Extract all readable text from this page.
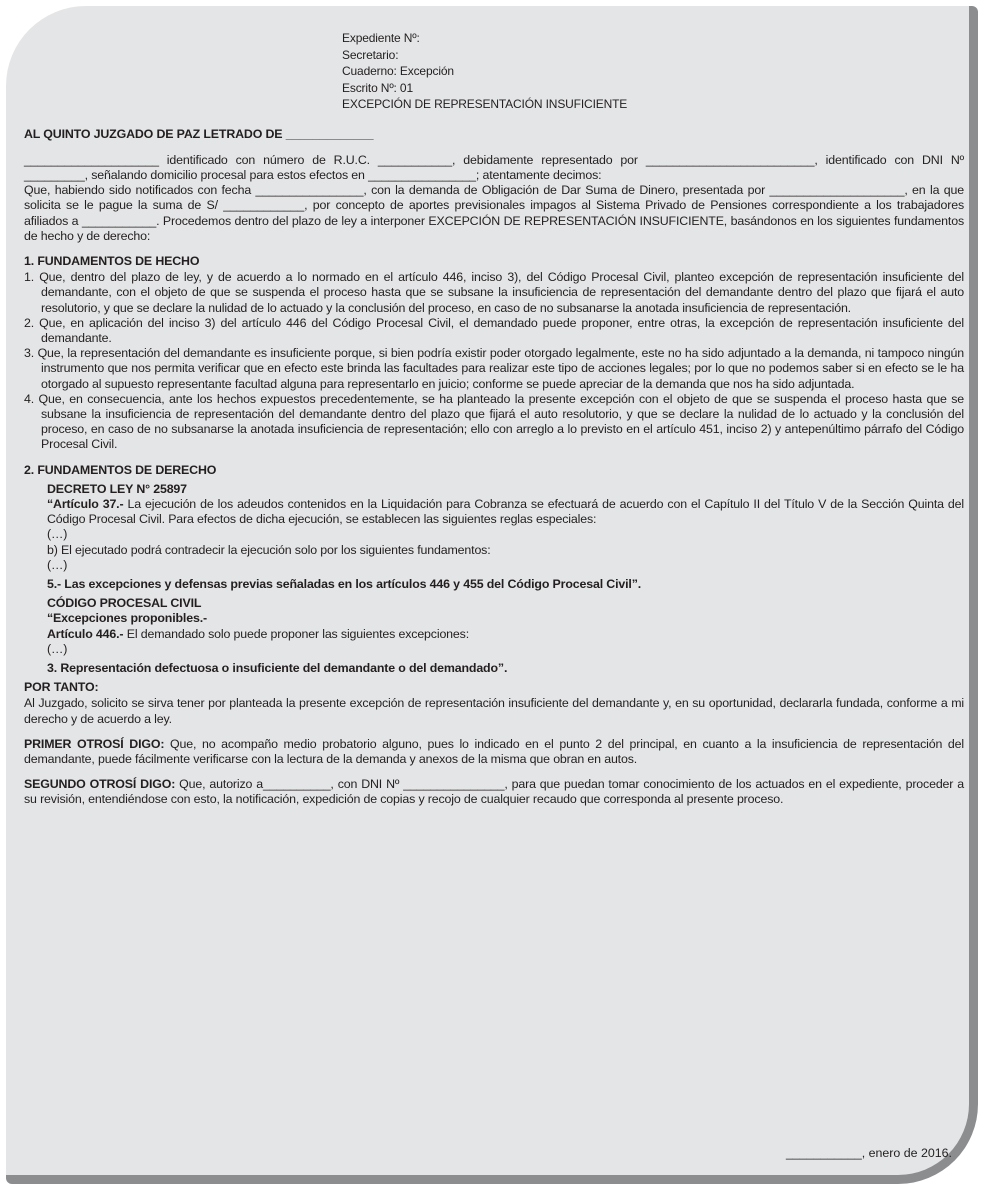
Expediente Nº:
Secretario:
Cuaderno: Excepción
Escrito Nº: 01
EXCEPCIÓN DE REPRESENTACIÓN INSUFICIENTE
AL QUINTO JUZGADO DE PAZ LETRADO DE _____________

____________________ identificado con número de R.U.C. ___________, debidamente representado por _________________________, identificado con DNI Nº _________, señalando domicilio procesal para estos efectos en ________________; atentamente decimos:

Que, habiendo sido notificados con fecha ________________, con la demanda de Obligación de Dar Suma de Dinero, presentada por ____________________, en la que solicita se le pague la suma de S/ ____________, por concepto de aportes previsionales impagos al Sistema Privado de Pensiones correspondiente a los trabajadores afiliados a ___________. Procedemos dentro del plazo de ley a interponer EXCEPCIÓN DE REPRESENTACIÓN INSUFICIENTE, basándonos en los siguientes fundamentos de hecho y de derecho:

1. FUNDAMENTOS DE HECHO
1. Que, dentro del plazo de ley, y de acuerdo a lo normado en el artículo 446, inciso 3), del Código Procesal Civil, planteo excepción de representación insuficiente del demandante, con el objeto de que se suspenda el proceso hasta que se subsane la insuficiencia de representación del demandante dentro del plazo que fijará el auto resolutorio, y que se declare la nulidad de lo actuado y la conclusión del proceso, en caso de no subsanarse la anotada insuficiencia de representación.
2. Que, en aplicación del inciso 3) del artículo 446 del Código Procesal Civil, el demandado puede proponer, entre otras, la excepción de representación insuficiente del demandante.
3. Que, la representación del demandante es insuficiente porque, si bien podría existir poder otorgado legalmente, este no ha sido adjuntado a la demanda, ni tampoco ningún instrumento que nos permita verificar que en efecto este brinda las facultades para realizar este tipo de acciones legales; por lo que no podemos saber si en efecto se le ha otorgado al supuesto representante facultad alguna para representarlo en juicio; conforme se puede apreciar de la demanda que nos ha sido adjuntada.
4. Que, en consecuencia, ante los hechos expuestos precedentemente, se ha planteado la presente excepción con el objeto de que se suspenda el proceso hasta que se subsane la insuficiencia de representación del demandante dentro del plazo que fijará el auto resolutorio, y que se declare la nulidad de lo actuado y la conclusión del proceso, en caso de no subsanarse la anotada insuficiencia de representación; ello con arreglo a lo previsto en el artículo 451, inciso 2) y antepenúltimo párrafo del Código Procesal Civil.
2. FUNDAMENTOS DE DERECHO
DECRETO LEY N° 25897

“Artículo 37.- La ejecución de los adeudos contenidos en la Liquidación para Cobranza se efectuará de acuerdo con el Capítulo II del Título V de la Sección Quinta del Código Procesal Civil. Para efectos de dicha ejecución, se establecen las siguientes reglas especiales:

(…)
b) El ejecutado podrá contradecir la ejecución solo por los siguientes fundamentos:
(…)
5.- Las excepciones y defensas previas señaladas en los artículos 446 y 455 del Código Procesal Civil”.
CÓDIGO PROCESAL CIVIL
“Excepciones proponibles.-

Artículo 446.- El demandado solo puede proponer las siguientes excepciones:

(…)
3. Representación defectuosa o insuficiente del demandante o del demandado”.
POR TANTO:

Al Juzgado, solicito se sirva tener por planteada la presente excepción de representación insuficiente del demandante y, en su oportunidad, declararla fundada, conforme a mi derecho y de acuerdo a ley.

PRIMER OTROSÍ DIGO: Que, no acompaño medio probatorio alguno, pues lo indicado en el punto 2 del principal, en cuanto a la insuficiencia de representación del demandante, puede fácilmente verificarse con la lectura de la demanda y anexos de la misma que obran en autos.

SEGUNDO OTROSÍ DIGO: Que, autorizo a__________, con DNI Nº _______________, para que puedan tomar conocimiento de los actuados en el expediente, proceder a su revisión, entendiéndose con esto, la notificación, expedición de copias y recojo de cualquier recaudo que corresponda al presente proceso.

___________, enero de 2016.
